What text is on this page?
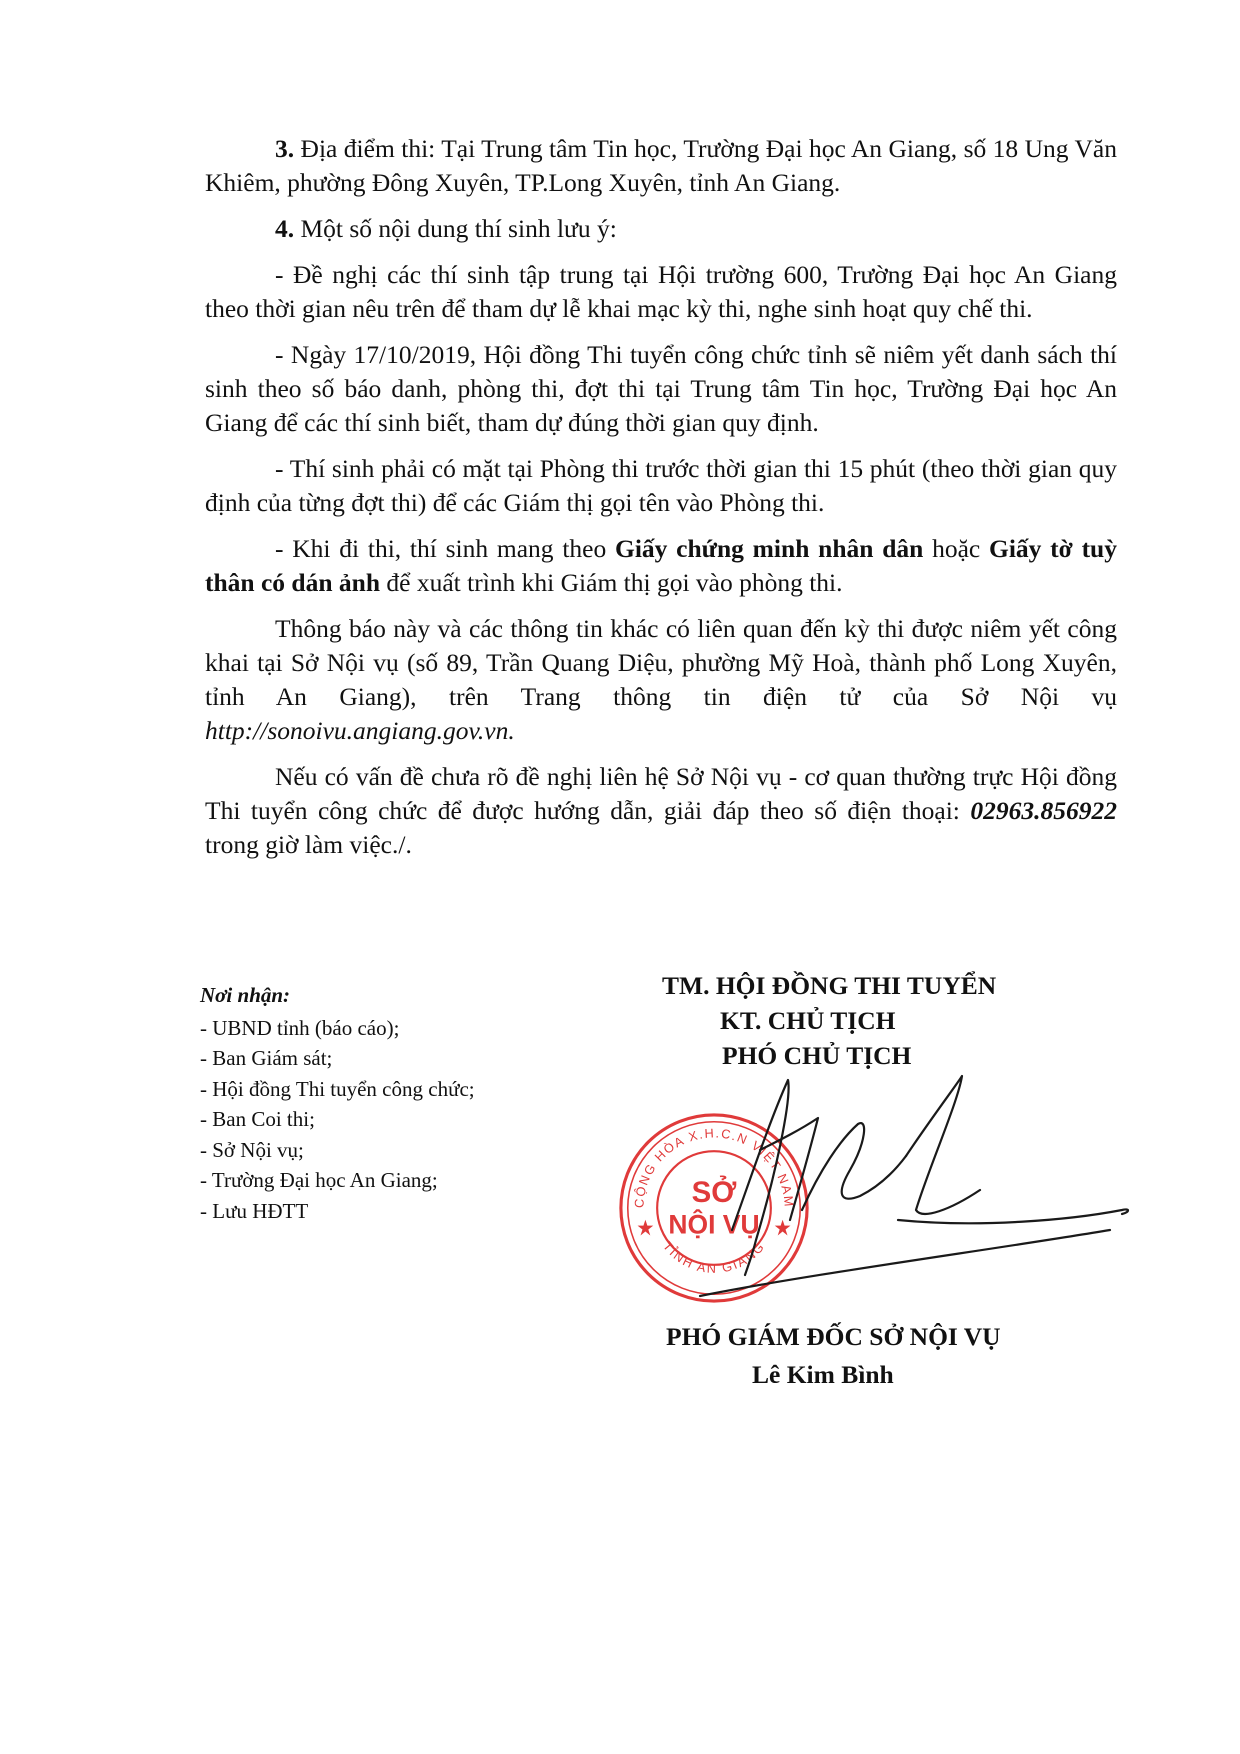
3. Địa điểm thi: Tại Trung tâm Tin học, Trường Đại học An Giang, số 18 Ung Văn Khiêm, phường Đông Xuyên, TP.Long Xuyên, tỉnh An Giang.

4. Một số nội dung thí sinh lưu ý:

- Đề nghị các thí sinh tập trung tại Hội trường 600, Trường Đại học An Giang theo thời gian nêu trên để tham dự lễ khai mạc kỳ thi, nghe sinh hoạt quy chế thi.

- Ngày 17/10/2019, Hội đồng Thi tuyển công chức tỉnh sẽ niêm yết danh sách thí sinh theo số báo danh, phòng thi, đợt thi tại Trung tâm Tin học, Trường Đại học An Giang để các thí sinh biết, tham dự đúng thời gian quy định.

- Thí sinh phải có mặt tại Phòng thi trước thời gian thi 15 phút (theo thời gian quy định của từng đợt thi) để các Giám thị gọi tên vào Phòng thi.

- Khi đi thi, thí sinh mang theo Giấy chứng minh nhân dân hoặc Giấy tờ tuỳ thân có dán ảnh để xuất trình khi Giám thị gọi vào phòng thi.

Thông báo này và các thông tin khác có liên quan đến kỳ thi được niêm yết công khai tại Sở Nội vụ (số 89, Trần Quang Diệu, phường Mỹ Hoà, thành phố Long Xuyên, tỉnh An Giang), trên Trang thông tin điện tử của Sở Nội vụ http://sonoivu.angiang.gov.vn.

Nếu có vấn đề chưa rõ đề nghị liên hệ Sở Nội vụ - cơ quan thường trực Hội đồng Thi tuyển công chức để được hướng dẫn, giải đáp theo số điện thoại: 02963.856922 trong giờ làm việc./.

Nơi nhận:
- UBND tỉnh (báo cáo);
- Ban Giám sát;
- Hội đồng Thi tuyển công chức;
- Ban Coi thi;
- Sở Nội vụ;
- Trường Đại học An Giang;
- Lưu HĐTT
TM. HỘI ĐỒNG THI TUYỂN
KT. CHỦ TỊCH
PHÓ CHỦ TỊCH
CỘNG HÒA X.H.C.N VIỆT NAM
TỈNH AN GIANG
SỞ
NỘI VỤ
PHÓ GIÁM ĐỐC SỞ NỘI VỤ
Lê Kim Bình
